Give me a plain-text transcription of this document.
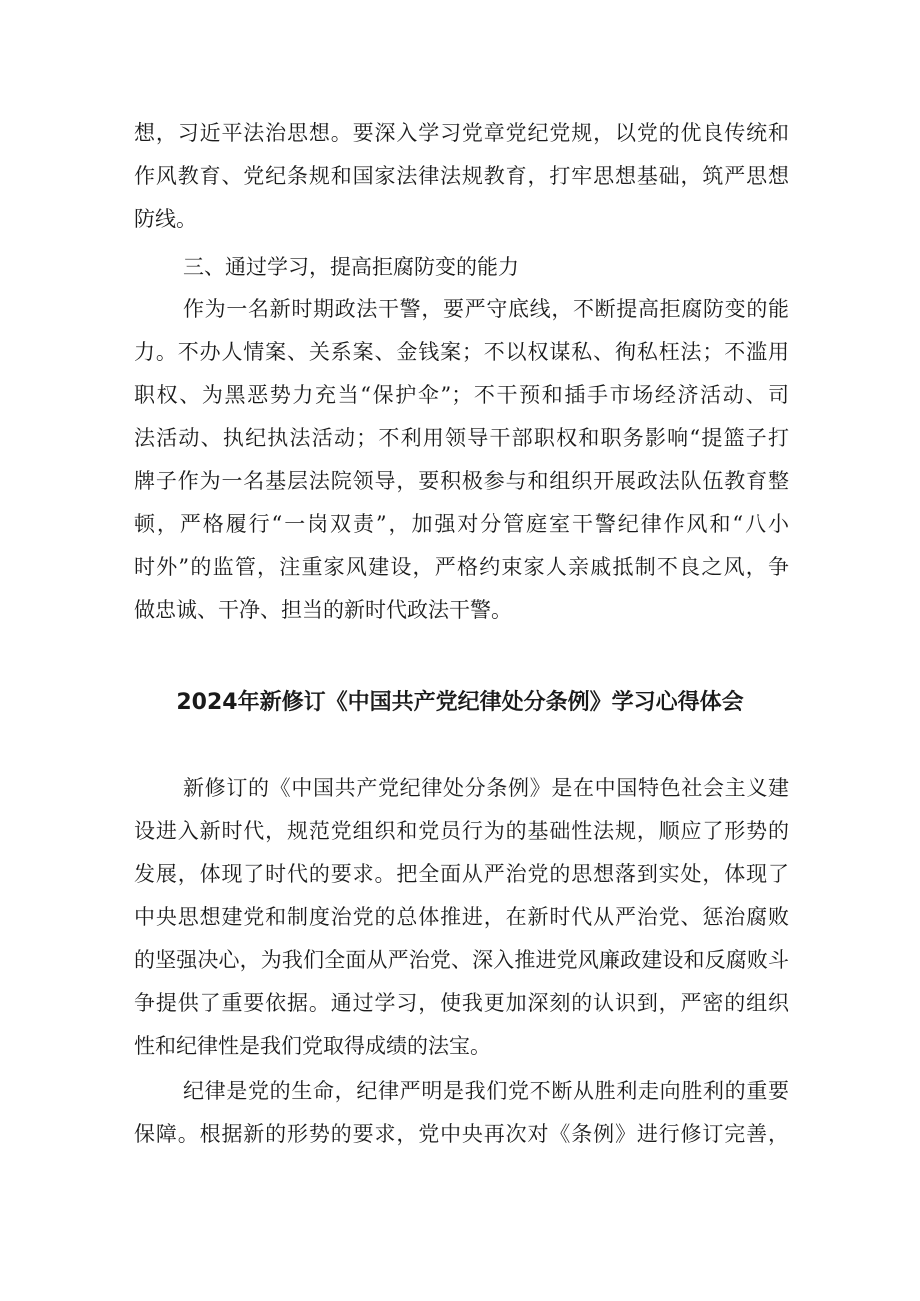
想，习近平法治思想。要深入学习党章党纪党规，以党的优良传统和
作风教育、党纪条规和国家法律法规教育，打牢思想基础，筑严思想
防线。
三、通过学习，提高拒腐防变的能力
作为一名新时期政法干警，要严守底线，不断提高拒腐防变的能
力。不办人情案、关系案、金钱案；不以权谋私、徇私枉法；不滥用
职权、为黑恶势力充当“保护伞”；不干预和插手市场经济活动、司
法活动、执纪执法活动；不利用领导干部职权和职务影响“提篮子打
牌子作为一名基层法院领导，要积极参与和组织开展政法队伍教育整
顿，严格履行“一岗双责”，加强对分管庭室干警纪律作风和“八小
时外”的监管，注重家风建设，严格约束家人亲戚抵制不良之风，争
做忠诚、干净、担当的新时代政法干警。
2024年新修订《中国共产党纪律处分条例》学习心得体会
新修订的《中国共产党纪律处分条例》是在中国特色社会主义建
设进入新时代，规范党组织和党员行为的基础性法规，顺应了形势的
发展，体现了时代的要求。把全面从严治党的思想落到实处，体现了
中央思想建党和制度治党的总体推进，在新时代从严治党、惩治腐败
的坚强决心，为我们全面从严治党、深入推进党风廉政建设和反腐败斗
争提供了重要依据。通过学习，使我更加深刻的认识到，严密的组织
性和纪律性是我们党取得成绩的法宝。
纪律是党的生命，纪律严明是我们党不断从胜利走向胜利的重要
保障。根据新的形势的要求，党中央再次对《条例》进行修订完善，
